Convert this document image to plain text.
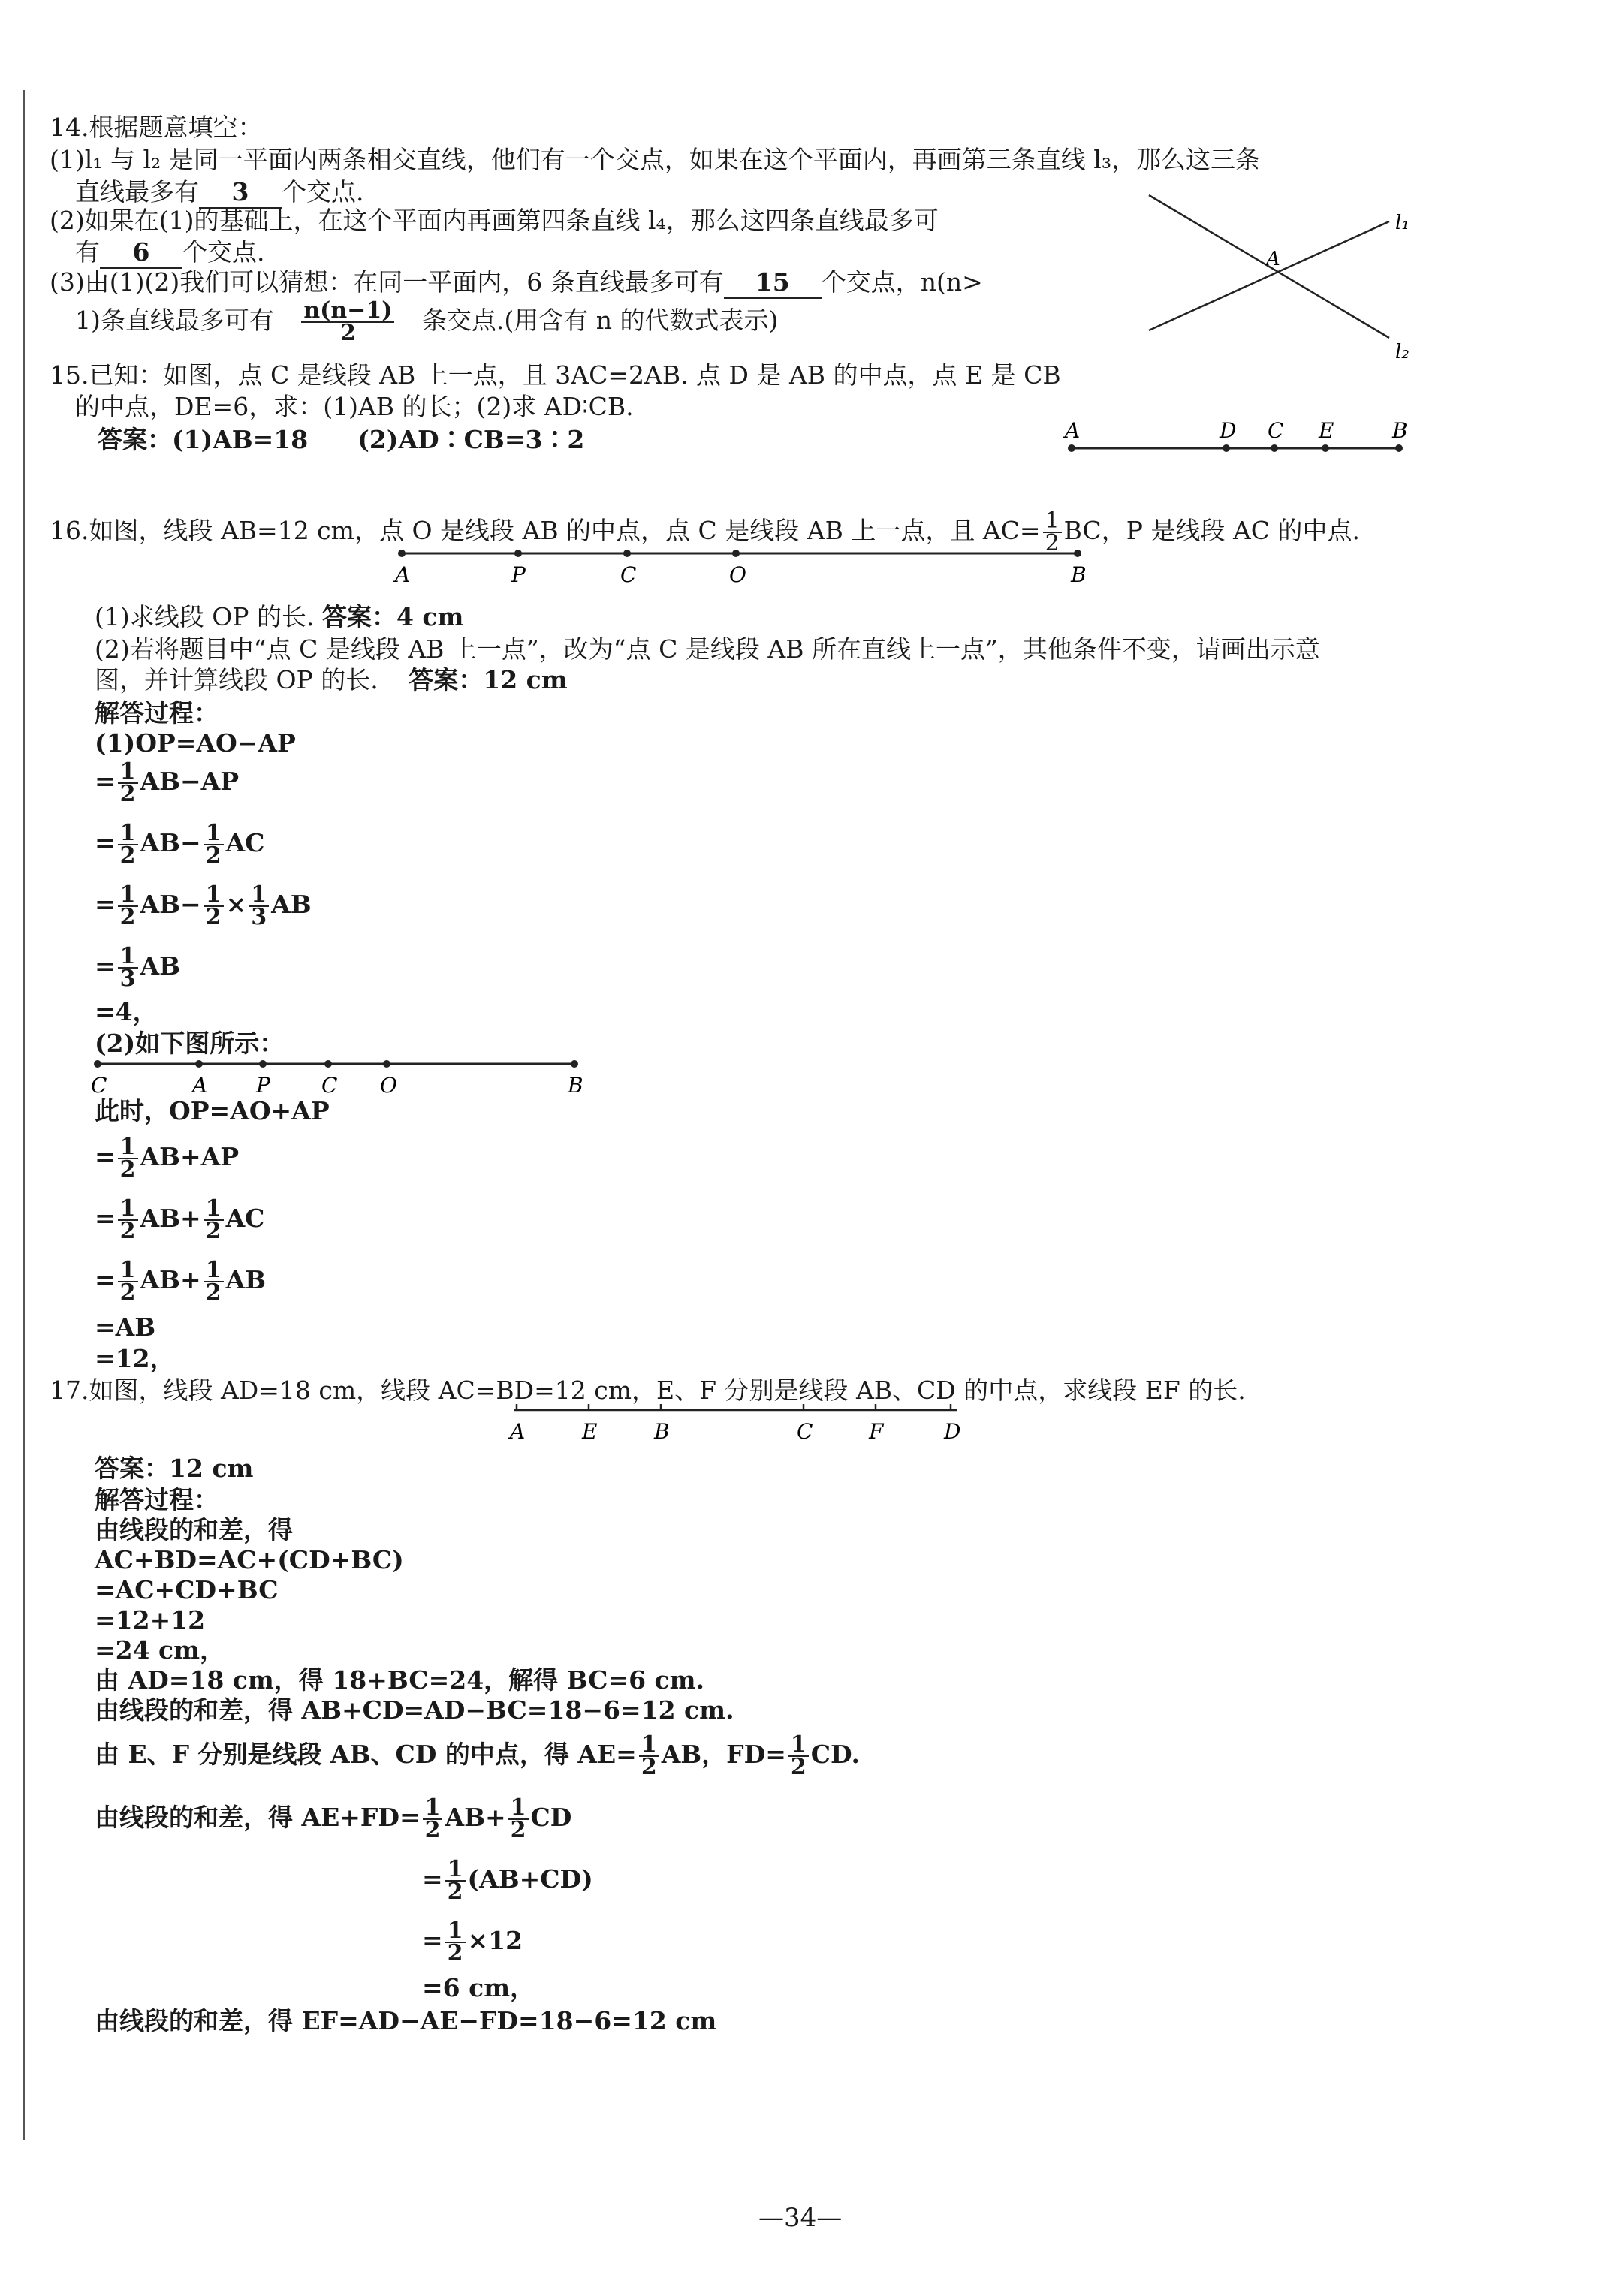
14.根据题意填空：
(1)l₁ 与 l₂ 是同一平面内两条相交直线，他们有一个交点，如果在这个平面内，再画第三条直线 l₃，那么这三条
直线最多有 3 个交点.
(2)如果在(1)的基础上，在这个平面内再画第四条直线 l₄，那么这四条直线最多可
有 6 个交点.
(3)由(1)(2)我们可以猜想：在同一平面内，6 条直线最多可有 15 个交点，n(n>
1)条直线最多可有 $\frac{n(n-1)}{2}$ 条交点.(用含有 n 的代数式表示)
l₁
l₂
A
15.已知：如图，点 C 是线段 AB 上一点，且 3AC=2AB. 点 D 是 AB 的中点，点 E 是 CB
的中点，DE=6，求：(1)AB 的长；(2)求 AD∶CB.
答案：(1)AB=18　　(2)AD∶CB=3∶2	A	D C E	B
16.如图，线段 AB=12 cm，点 O 是线段 AB 的中点，点 C 是线段 AB 上一点，且 $AC= \frac{1}{2}$ BC，P 是线段 AC 的中点.
A	P	C	O	B
(1)求线段 OP 的长. 答案：4 cm
(2)若将题目中“点 C 是线段 AB 上一点”，改为“点 C 是线段 AB 所在直线上一点”，其他条件不变，请画出示意
图，并计算线段 OP 的长. 答案：12 cm
解答过程：
(1)OP=AO−AP
= $\frac{1}{2} AB-AP$
= $\frac{1}{2} AB- \frac{1}{2}$ AC
= $\frac{1}{2} AB- \frac{1}{2} \times \frac{1}{3}$ AB
= $\frac{1}{3}$ AB
=4，
(2)如下图所示：
C	A P C O	B
此时，OP=AO+AP
= $\frac{1}{2} AB+AP$
= $\frac{1}{2} AB+ \frac{1}{2}$ AC
= $\frac{1}{2} AB+ \frac{1}{2}$ AB
=AB
=12，
17.如图，线段 AD=18 cm，线段 AC=BD=12 cm，E、F 分别是线段 AB、CD 的中点，求线段 EF 的长.
A	E	B	C	F	D
答案：12 cm
解答过程：
由线段的和差，得
AC+BD=AC+(CD+BC)
=AC+CD+BC
=12+12
=24 cm，
由 AD=18 cm，得 18+BC=24，解得 BC=6 cm.
由线段的和差，得 AB+CD=AD−BC=18−6=12 cm.
由 E、F 分别是线段 AB、CD 的中点，得 $AE= \frac{1}{2}$ AB，$FD= \frac{1}{2}$ CD.
由线段的和差，得 $AE+FD= \frac{1}{2} AB+ \frac{1}{2}$ CD
= $\frac{1}{2} (AB+CD)$
= $\frac{1}{2} \times 12$
=6 cm，
由线段的和差，得 EF=AD−AE−FD=18−6=12 cm
—34—
